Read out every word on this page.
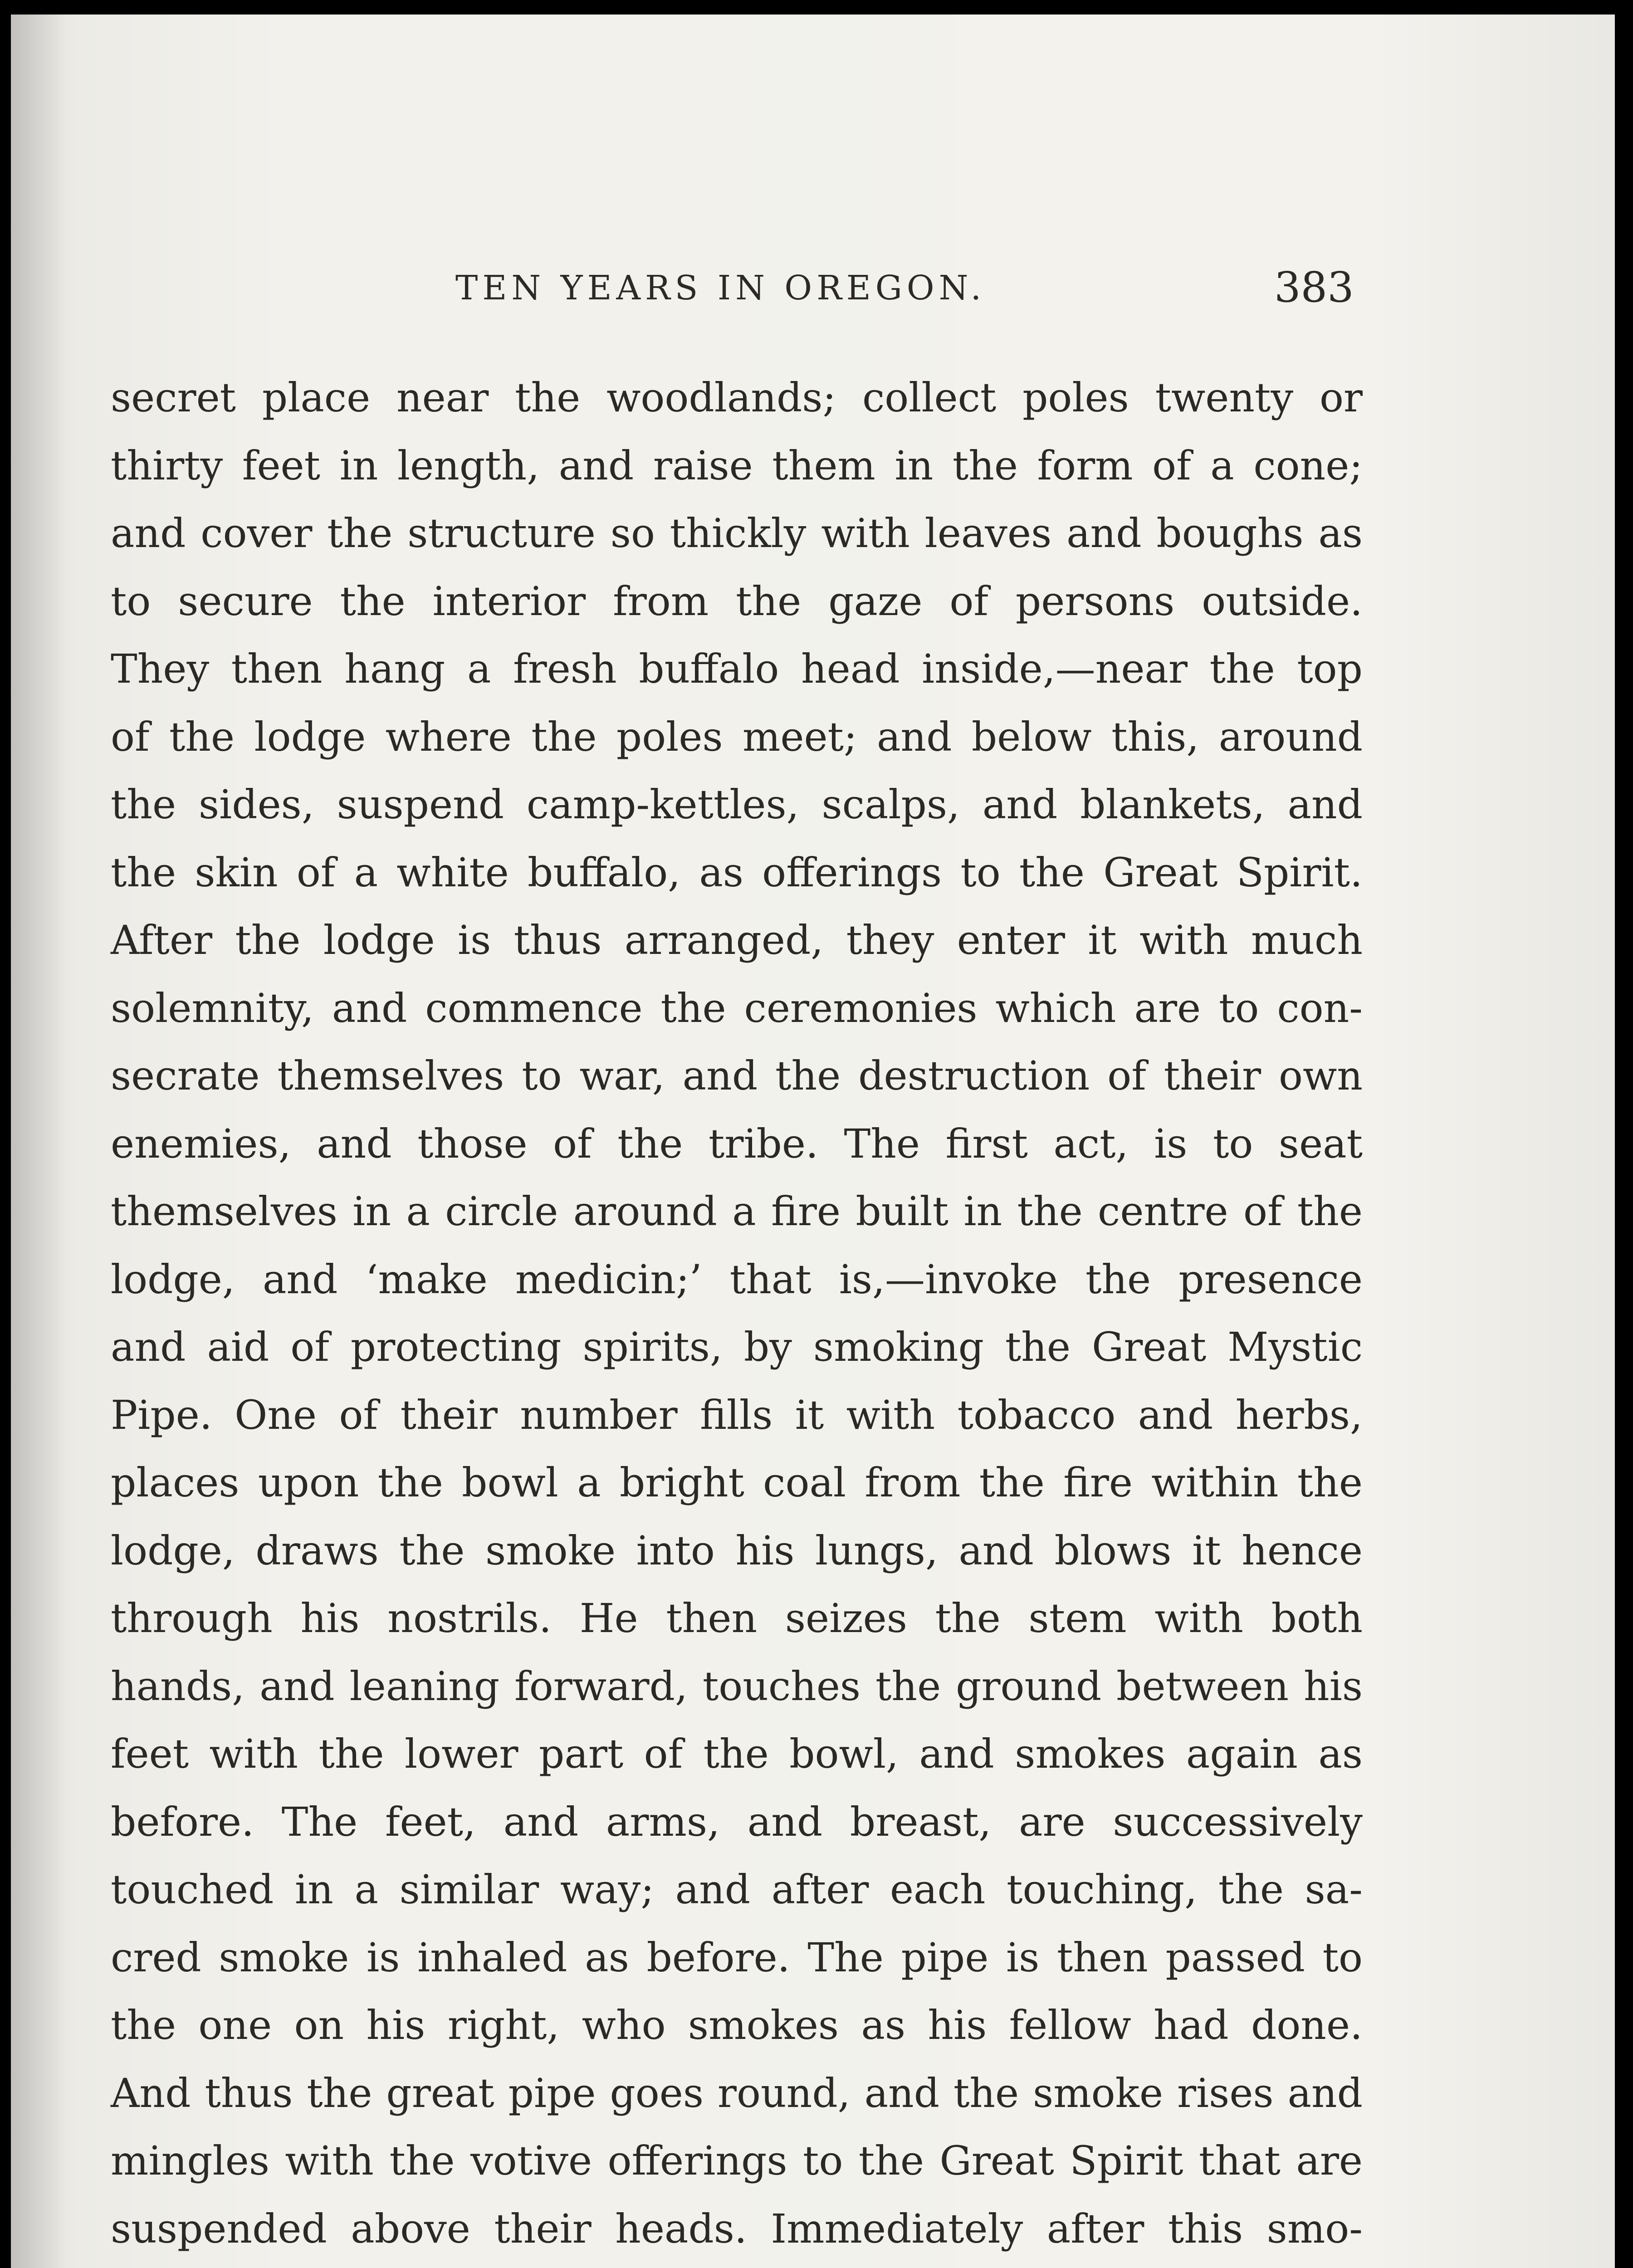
TEN YEARS IN OREGON.	383
secret place near the woodlands; collect poles twenty or
thirty feet in length, and raise them in the form of a cone;
and cover the structure so thickly with leaves and boughs as
to secure the interior from the gaze of persons outside.
They then hang a fresh buffalo head inside,—near the top
of the lodge where the poles meet; and below this, around
the sides, suspend camp-kettles, scalps, and blankets, and
the skin of a white buffalo, as offerings to the Great Spirit.
After the lodge is thus arranged, they enter it with much
solemnity, and commence the ceremonies which are to con-
secrate themselves to war, and the destruction of their own
enemies, and those of the tribe. The first act, is to seat
themselves in a circle around a fire built in the centre of the
lodge, and ‘make medicin;’ that is,—invoke the presence
and aid of protecting spirits, by smoking the Great Mystic
Pipe. One of their number fills it with tobacco and herbs,
places upon the bowl a bright coal from the fire within the
lodge, draws the smoke into his lungs, and blows it hence
through his nostrils. He then seizes the stem with both
hands, and leaning forward, touches the ground between his
feet with the lower part of the bowl, and smokes again as
before. The feet, and arms, and breast, are successively
touched in a similar way; and after each touching, the sa-
cred smoke is inhaled as before. The pipe is then passed to
the one on his right, who smokes as his fellow had done.
And thus the great pipe goes round, and the smoke rises and
mingles with the votive offerings to the Great Spirit that are
suspended above their heads. Immediately after this smo-
